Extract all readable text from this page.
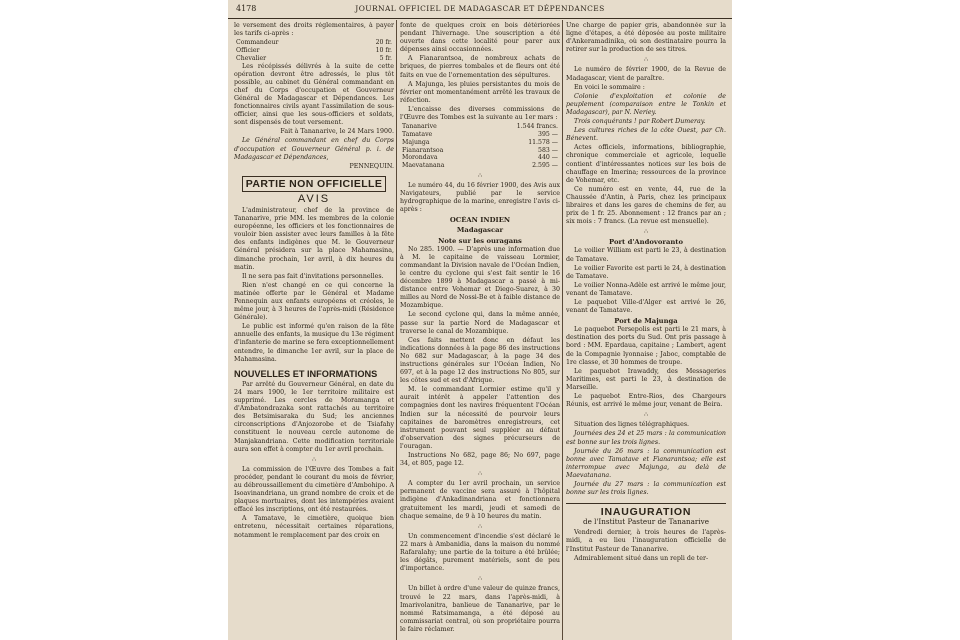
4178	JOURNAL OFFICIEL DE MADAGASCAR ET DÉPENDANCES

le versement des droits réglementaires, à payer les tarifs ci-après :

Commandeur	20 fr.
Officier	10 fr.
Chevalier	5 fr.

Les récépissés délivrés à la suite de cette opération devront être adressés, le plus tôt possible, au cabinet du Général commandant en chef du Corps d'occupation et Gouverneur Général de Madagascar et Dépendances. Les fonctionnaires civils ayant l'assimilation de sous-officier, ainsi que les sous-officiers et soldats, sont dispensés de tout versement.

Fait à Tananarive, le 24 Mars 1900.

Le Général commandant en chef du Corps d'occupation et Gouverneur Général p. i. de Madagascar et Dépendances,

PENNEQUIN.

PARTIE NON OFFICIELLE
AVIS

L'administrateur, chef de la province de Tananarive, prie MM. les membres de la colonie européenne, les officiers et les fonctionnaires de vouloir bien assister avec leurs familles à la fête des enfants indigènes que M. le Gouverneur Général présidera sur la place Mahamasina, dimanche prochain, 1er avril, à dix heures du matin.

Il ne sera pas fait d'invitations personnelles.

Rien n'est changé en ce qui concerne la matinée offerte par le Général et Madame Pennequin aux enfants européens et créoles, le même jour, à 3 heures de l'après-midi (Résidence Générale).

Le public est informé qu'en raison de la fête annuelle des enfants, la musique du 13e régiment d'infanterie de marine se fera exceptionnellement entendre, le dimanche 1er avril, sur la place de Mahamasina.

NOUVELLES ET INFORMATIONS

Par arrêté du Gouverneur Général, en date du 24 mars 1900, le 1er territoire militaire est supprimé. Les cercles de Moramanga et d'Ambatondrazaka sont rattachés au territoire des Betsimisaraka du Sud; les anciennes circonscriptions d'Anjozorobe et de Tsiafahy constituent le nouveau cercle autonome de Manjakandriana. Cette modification territoriale aura son effet à compter du 1er avril prochain.

∴

La commission de l'Œuvre des Tombes a fait procéder, pendant le courant du mois de février, au débroussaillement du cimetière d'Ambohipo. A Isoavinandriana, un grand nombre de croix et de plaques mortuaires, dont les intempéries avaient effacé les inscriptions, ont été restaurées.

A Tamatave, le cimetière, quoique bien entretenu, nécessitait certaines réparations, notamment le remplacement par des croix en

fonte de quelques croix en bois détériorées pendant l'hivernage. Une souscription a été ouverte dans cette localité pour parer aux dépenses ainsi occasionnées.

A Fianarantsoa, de nombreux achats de briques, de pierres tombales et de fleurs ont été faits en vue de l'ornementation des sépultures.

A Majunga, les pluies persistantes du mois de février ont momentanément arrêté les travaux de réfection.

L'encaisse des diverses commissions de l'Œuvre des Tombes est la suivante au 1er mars :

Tananarive	1.544 francs.
Tamatave	395 —
Majunga	11.578 —
Fianarantsoa	583 —
Morondava	440 —
Maevatanana	2.595 —

∴

Le numéro 44, du 16 février 1900, des Avis aux Navigateurs, publié par le service hydrographique de la marine, enregistre l'avis ci-après :

OCÉAN INDIEN
Madagascar
Note sur les ouragans

No 285. 1900. — D'après une information due à M. le capitaine de vaisseau Lormier, commandant la Division navale de l'Océan Indien, le centre du cyclone qui s'est fait sentir le 16 décembre 1899 à Madagascar a passé à mi-distance entre Vohemar et Diego-Suarez, à 30 milles au Nord de Nossi-Be et à faible distance de Mozambique.

Le second cyclone qui, dans la même année, passe sur la partie Nord de Madagascar et traverse le canal de Mozambique.

Ces faits mettent donc en défaut les indications données à la page 86 des instructions No 682 sur Madagascar, à la page 34 des instructions générales sur l'Océan Indien, No 697, et à la page 12 des instructions No 805, sur les côtes sud et est d'Afrique.

M. le commandant Lormier estime qu'il y aurait intérêt à appeler l'attention des compagnies dont les navires fréquentent l'Océan Indien sur la nécessité de pourvoir leurs capitaines de baromètres enregistreurs, cet instrument pouvant seul suppléer au défaut d'observation des signes précurseurs de l'ouragan.

Instructions No 682, page 86; No 697, page 34, et 805, page 12.

∴

A compter du 1er avril prochain, un service permanent de vaccine sera assuré à l'hôpital indigène d'Ankadinandriana et fonctionnera gratuitement les mardi, jeudi et samedi de chaque semaine, de 9 à 10 heures du matin.

∴

Un commencement d'incendie s'est déclaré le 22 mars à Ambanidia, dans la maison du nommé Rafaralahy; une partie de la toiture a été brûlée; les dégâts, purement matériels, sont de peu d'importance.

∴

Un billet à ordre d'une valeur de quinze francs, trouvé le 22 mars, dans l'après-midi, à Imarivolanitra, banlieue de Tananarive, par le nommé Ratsimamanga, a été déposé au commissariat central, où son propriétaire pourra le faire réclamer.

Une charge de papier gris, abandonnée sur la ligne d'étapes, a été déposée au poste militaire d'Ankeramadinika, où son destinataire pourra la retirer sur la production de ses titres.

∴

Le numéro de février 1900, de la Revue de Madagascar, vient de paraître.

En voici le sommaire :

Colonie d'exploitation et colonie de peuplement (comparaison entre le Tonkin et Madagascar), par N. Neriey.

Trois conquérants ! par Robert Dumeray.

Les cultures riches de la côte Ouest, par Ch. Bénevent.

Actes officiels, informations, bibliographie, chronique commerciale et agricole, lequelle contient d'intéressantes notices sur les bois de chauffage en Imerina; ressources de la province de Vohemar, etc.

Ce numéro est en vente, 44, rue de la Chaussée d'Antin, à Paris, chez les principaux libraires et dans les gares de chemins de fer, au prix de 1 fr. 25. Abonnement : 12 francs par an ; six mois : 7 francs. (La revue est mensuelle).

∴

Port d'Andovoranto

Le voilier William est parti le 23, à destination de Tamatave.

Le voilier Favorite est parti le 24, à destination de Tamatave.

Le voilier Nonna-Adèle est arrivé le même jour, venant de Tamatave.

Le paquebot Ville-d'Alger est arrivé le 26, venant de Tamatave.

Port de Majunga

Le paquebot Persepolis est parti le 21 mars, à destination des ports du Sud. Ont pris passage à bord : MM. Epardaua, capitaine ; Lambert, agent de la Compagnie lyonnaise ; Jaboc, comptable de 1re classe, et 30 hommes de troupe.

Le paquebot Irawaddy, des Messageries Maritimes, est parti le 23, à destination de Marseille.

Le paquebot Entre-Rios, des Chargeurs Réunis, est arrivé le même jour, venant de Beira.

∴

Situation des lignes télégraphiques.

Journées des 24 et 25 mars : la communication est bonne sur les trois lignes.

Journée du 26 mars : la communication est bonne avec Tamatave et Fianarantsoa; elle est interrompue avec Majunga, au delà de Maevatanana.

Journée du 27 mars : la communication est bonne sur les trois lignes.

INAUGURATION
de l'Institut Pasteur de Tananarive

Vendredi dernier, à trois heures de l'après-midi, a eu lieu l'inauguration officielle de l'Institut Pasteur de Tananarive.

Admirablement situé dans un repli de ter-
